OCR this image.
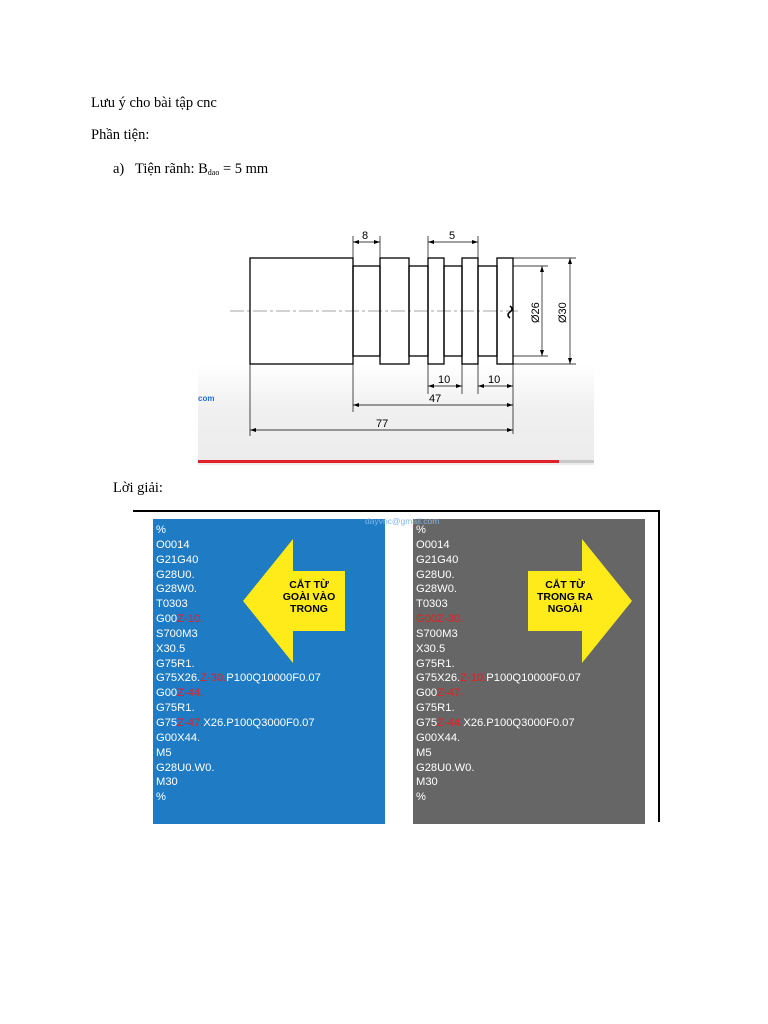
Lưu ý cho bài tập cnc
Phần tiện:
a) Tiện rãnh: $B_{dao} = 5$ mm
8	5
10	10
47
77
Ø26 Ø30
com
Lời giải:
%
O0014
G21G40
G28U0.
G28W0.
T0303
G00Z-10.
S700M3
X30.5
G75R1.
G75X26.Z-30.P100Q10000F0.07
G00Z-44.
G75R1.
G75Z-47.X26.P100Q3000F0.07
G00X44.
M5
G28U0.W0.
M30
%
CẮT TỪ
GOÀI VÀO
TRONG
%
O0014
G21G40
G28U0.
G28W0.
T0303
G00Z-30.
S700M3
X30.5
G75R1.
G75X26.Z-10.P100Q10000F0.07
G00Z-47.
G75R1.
G75Z-44.X26.P100Q3000F0.07
G00X44.
M5
G28U0.W0.
M30
%
CẮT TỪ
TRONG RA
NGOÀI
dayvnc@gmail.com
